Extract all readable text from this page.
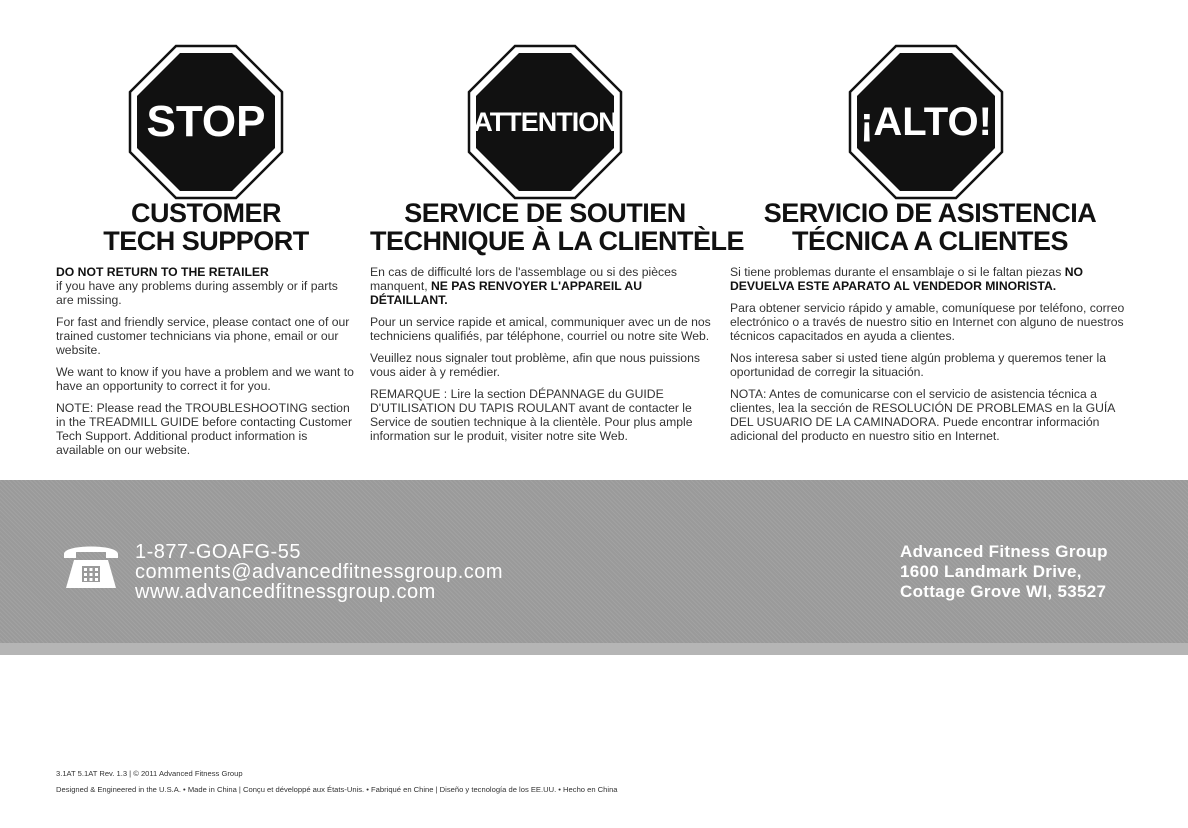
STOP
CUSTOMER
TECH SUPPORT

DO NOT RETURN TO THE RETAILER
if you have any problems during assembly or if parts are missing.

For fast and friendly service, please contact one of our trained customer technicians via phone, email or our website.

We want to know if you have a problem and we want to have an opportunity to correct it for you.

NOTE: Please read the TROUBLESHOOTING section in the TREADMILL GUIDE before contacting Customer Tech Support. Additional product information is available on our website.

ATTENTION
SERVICE DE SOUTIEN
TECHNIQUE À LA CLIENTÈLE

En cas de difficulté lors de l'assemblage ou si des pièces manquent, NE PAS RENVOYER L'APPAREIL AU DÉTAILLANT.

Pour un service rapide et amical, communiquer avec un de nos techniciens qualifiés, par téléphone, courriel ou notre site Web.

Veuillez nous signaler tout problème, afin que nous puissions vous aider à y remédier.

REMARQUE : Lire la section DÉPANNAGE du GUIDE D'UTILISATION DU TAPIS ROULANT avant de contacter le Service de soutien technique à la clientèle. Pour plus ample information sur le produit, visiter notre site Web.

¡ALTO!
SERVICIO DE ASISTENCIA
TÉCNICA A CLIENTES

Si tiene problemas durante el ensamblaje o si le faltan piezas NO DEVUELVA ESTE APARATO AL VENDEDOR MINORISTA.

Para obtener servicio rápido y amable, comuníquese por teléfono, correo electrónico o a través de nuestro sitio en Internet con alguno de nuestros técnicos capacitados en ayuda a clientes.

Nos interesa saber si usted tiene algún problema y queremos tener la oportunidad de corregir la situación.

NOTA: Antes de comunicarse con el servicio de asistencia técnica a clientes, lea la sección de RESOLUCIÓN DE PROBLEMAS en la GUÍA DEL USUARIO DE LA CAMINADORA. Puede encontrar información adicional del producto en nuestro sitio en Internet.

1-877-GOAFG-55
comments@advancedfitnessgroup.com
www.advancedfitnessgroup.com
Advanced Fitness Group
1600 Landmark Drive,
Cottage Grove WI, 53527
3.1AT 5.1AT Rev. 1.3 | © 2011 Advanced Fitness Group
Designed & Engineered in the U.S.A. • Made in China | Conçu et développé aux États-Unis. • Fabriqué en Chine | Diseño y tecnología de los EE.UU. • Hecho en China
